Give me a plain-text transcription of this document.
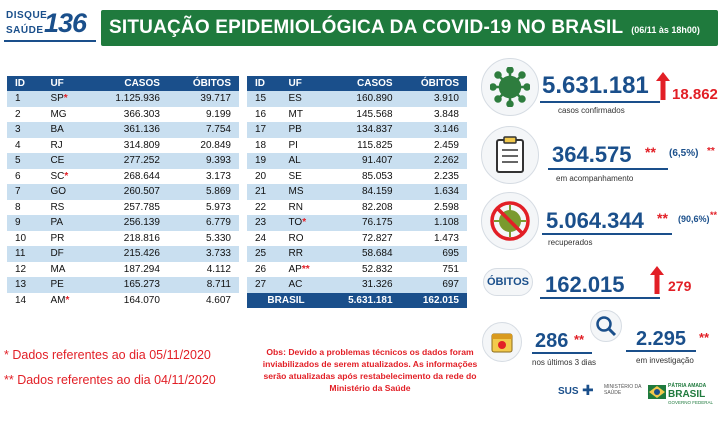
DISQUE
SAÚDE 136 SITUAÇÃO EPIDEMIOLÓGICA DA COVID-19 NO BRASIL (06/11 às 18h00)
ID	UF	CASOS	ÓBITOS
1	SP*	1.125.936	39.717
2	MG	366.303	9.199
3	BA	361.136	7.754
4	RJ	314.809	20.849
5	CE	277.252	9.393
6	SC*	268.644	3.173
7	GO	260.507	5.869
8	RS	257.785	5.973
9	PA	256.139	6.779
10	PR	218.816	5.330
11	DF	215.426	3.733
12	MA	187.294	4.112
13	PE	165.273	8.711
14	AM*	164.070	4.607
ID	UF	CASOS	ÓBITOS
15	ES	160.890	3.910
16	MT	145.568	3.848
17	PB	134.837	3.146
18	PI	115.825	2.459
19	AL	91.407	2.262
20	SE	85.053	2.235
21	MS	84.159	1.634
22	RN	82.208	2.598
23	TO*	76.175	1.108
24	RO	72.827	1.473
25	RR	58.684	695
26	AP**	52.832	751
27	AC	31.326	697
BRASIL		5.631.181	162.015
* Dados referentes ao dia 05/11/2020
** Dados referentes ao dia 04/11/2020
Obs: Devido a problemas técnicos os dados foram inviabilizados de serem atualizados. As informações serão atualizadas após restabelecimento da rede do Ministério da Saúde
5.631.181 18.862
casos confirmados
364.575 ** (6,5%) **
em acompanhamento
5.064.344 ** (90,6%) **
recuperados
ÓBITOS 162.015	279
286 **
nos últimos 3 dias
2.295 **
em investigação
SUS ✚ MINISTÉRIO DA SAÚDE
PÁTRIA AMADA
BRASIL
GOVERNO FEDERAL
